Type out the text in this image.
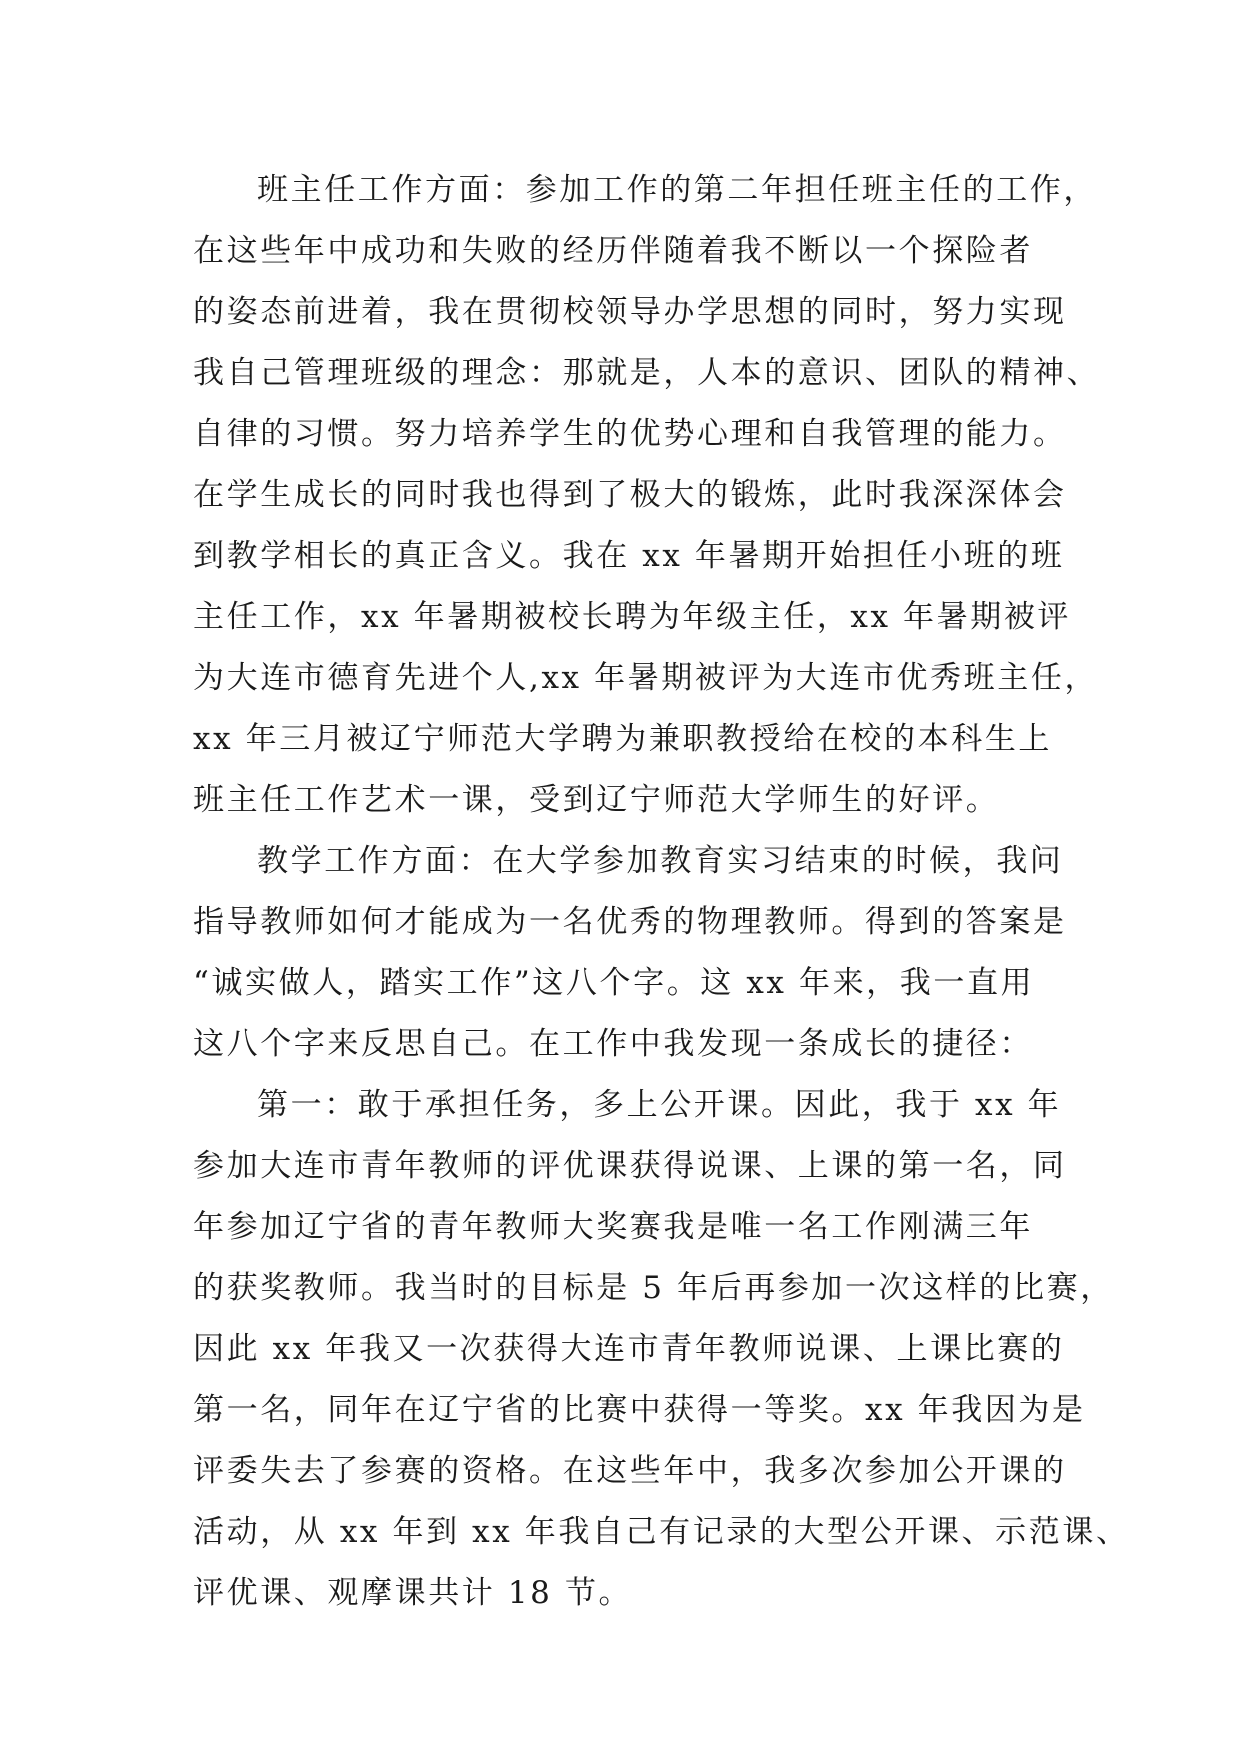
班主任工作方面：参加工作的第二年担任班主任的工作，
在这些年中成功和失败的经历伴随着我不断以一个探险者
的姿态前进着，我在贯彻校领导办学思想的同时，努力实现
我自己管理班级的理念：那就是，人本的意识、团队的精神、
自律的习惯。努力培养学生的优势心理和自我管理的能力。
在学生成长的同时我也得到了极大的锻炼，此时我深深体会
到教学相长的真正含义。我在 xx 年暑期开始担任小班的班
主任工作，xx 年暑期被校长聘为年级主任，xx 年暑期被评
为大连市德育先进个人,xx 年暑期被评为大连市优秀班主任，
xx 年三月被辽宁师范大学聘为兼职教授给在校的本科生上
班主任工作艺术一课，受到辽宁师范大学师生的好评。
教学工作方面：在大学参加教育实习结束的时候，我问
指导教师如何才能成为一名优秀的物理教师。得到的答案是
“诚实做人，踏实工作”这八个字。这 xx 年来，我一直用
这八个字来反思自己。在工作中我发现一条成长的捷径：
第一：敢于承担任务，多上公开课。因此，我于 xx 年
参加大连市青年教师的评优课获得说课、上课的第一名，同
年参加辽宁省的青年教师大奖赛我是唯一名工作刚满三年
的获奖教师。我当时的目标是 5 年后再参加一次这样的比赛，
因此 xx 年我又一次获得大连市青年教师说课、上课比赛的
第一名，同年在辽宁省的比赛中获得一等奖。xx 年我因为是
评委失去了参赛的资格。在这些年中，我多次参加公开课的
活动，从 xx 年到 xx 年我自己有记录的大型公开课、示范课、
评优课、观摩课共计 18 节。
